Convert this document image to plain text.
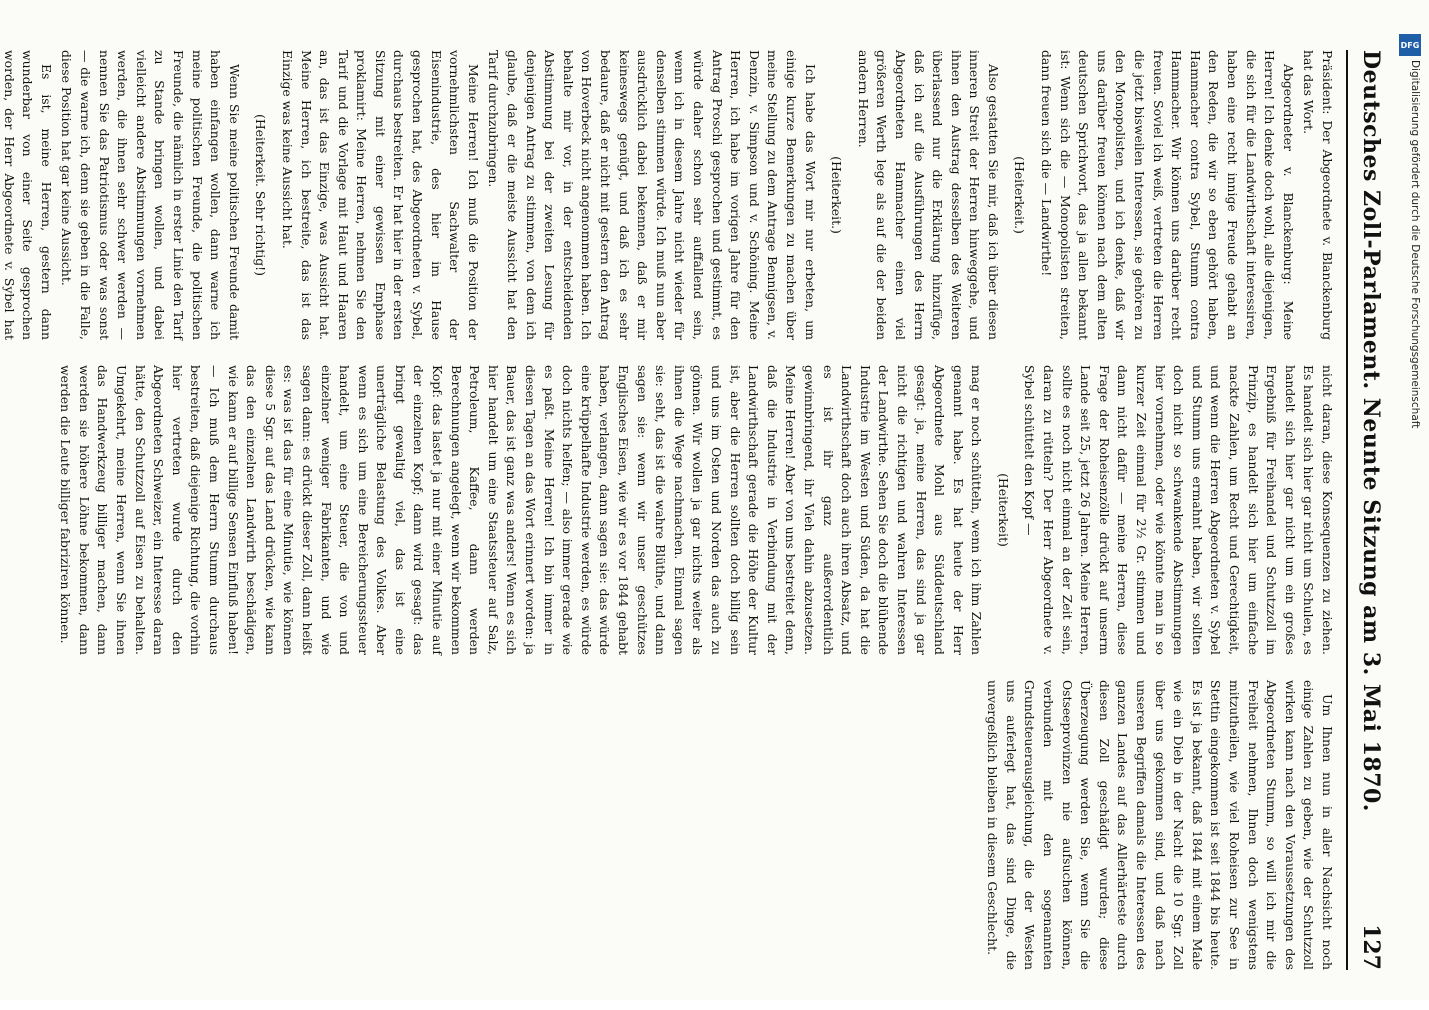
Deutsches Zoll-Parlament. Neunte Sitzung am 3. Mai 1870.
127

Präsident: Der Abgeordnete v. Blanckenburg hat das Wort.

Abgeordneter v. Blanckenburg: Meine Herren! Ich denke doch wohl, alle diejenigen, die sich für die Landwirthschaft interessiren, haben eine recht innige Freude gehabt an den Reden, die wir so eben gehört haben, Hammacher contra Sybel, Stumm contra Hammacher. Wir können uns darüber recht freuen. Soviel ich weiß, vertreten die Herren die jetzt bisweilen Interessen, sie gehören zu den Monopolisten, und ich denke, daß wir uns darüber freuen können nach dem alten deutschen Sprichwort, das ja allen bekannt ist: Wenn sich die — Monopolisten streiten, dann freuen sich die — Landwirthe!

(Heiterkeit.)

Also gestatten Sie mir, daß ich über diesen inneren Streit der Herren hinweggehe, und ihnen den Austrag desselben des Weiteren überlassend nur die Erklärung hinzufüge, daß ich auf die Ausführungen des Herrn Abgeordneten Hammacher einen viel größeren Werth lege als auf die der beiden andern Herren.

(Heiterkeit.)

Ich habe das Wort mir nur erbeten, um einige kurze Bemerkungen zu machen über meine Stellung zu dem Antrage Bennigsen, v. Denzin, v. Simpson und v. Schöning. Meine Herren, ich habe im vorigen Jahre für den Antrag Proschi gesprochen und gestimmt, es würde daher schon sehr auffallend sein, wenn ich in diesem Jahre nicht wieder für denselben stimmen würde. Ich muß nun aber ausdrücklich dabei bekennen, daß er mir keineswegs genügt, und daß ich es sehr bedaure, daß er nicht mit gestern den Antrag von Hoverbeck nicht angenommen haben. Ich behalte mir vor, in der entscheidenden Abstimmung bei der zweiten Lesung für denjenigen Antrag zu stimmen, von dem ich glaube, daß er die meiste Aussicht hat den Tarif durchzubringen.

Meine Herren! Ich muß die Position der vornehmlichsten Sachwalter der Eisenindustrie, des hier im Hause gesprochen hat, des Abgeordneten v. Sybel, durchaus bestreiten. Er hat hier in der ersten Sitzung mit einer gewissen Emphase proklamirt: Meine Herren, nehmen Sie den Tarif und die Vorlage mit Haut und Haaren an, das ist das Einzige, was Aussicht hat. Meine Herren, ich bestreite, das ist das Einzige was keine Aussicht hat.

(Heiterkeit. Sehr richtig!)

Wenn Sie meine politischen Freunde damit haben einfangen wollen, dann warne ich meine politischen Freunde, die politischen Freunde, die nämlich in erster Linie den Tarif zu Stande bringen wollen, und dabei vielleicht andere Abstimmungen vornehmen werden, die ihnen sehr schwer werden — nennen Sie das Patriotismus oder was sonst — die warne ich, denn sie geben in die Falle, diese Position hat gar keine Aussicht.

Es ist, meine Herren, gestern dann wunderbar von einer Seite gesprochen worden, der Herr Abgeordnete v. Sybel hat

nicht daran, diese Konsequenzen zu ziehen. Es handelt sich hier gar nicht um Schulen, es handelt sich hier gar nicht um ein großes Ergebniß für Freihandel und Schutzzoll im Prinzip, es handelt sich hier um einfache nackte Zahlen, um Recht und Gerechtigkeit, und wenn die Herren Abgeordneten v. Sybel und Stumm uns ermahnt haben, wir sollten doch nicht so schwankende Abstimmungen hier vornehmen, oder wie könnte man in so kurzer Zeit einmal für 2½ Gr. stimmen und dann nicht dafür — meine Herren, diese Frage der Roheisenzölle drückt auf unserm Lande seit 25, jetzt 26 Jahren. Meine Herren, sollte es noch nicht einmal an der Zeit sein, daran zu rütteln? Der Herr Abgeordnete v. Sybel schüttelt den Kopf —

(Heiterkeit)

mag er noch schütteln, wenn ich ihm Zahlen genannt habe. Es hat heute der Herr Abgeordnete Mohl aus Süddeutschland gesagt: ja, meine Herren, das sind ja gar nicht die richtigen und wahren Interessen der Landwirthe. Sehen Sie doch die blühende Industrie im Westen und Süden, da hat die Landwirthschaft doch auch ihren Absatz, und es ist ihr ganz außerordentlich gewinnbringend, ihr Vieh dahin abzusetzen. Meine Herren! Aber von uns bestreitet denn, daß die Industrie in Verbindung mit der Landwirthschaft gerade die Höhe der Kultur ist, aber die Herren sollten doch billig sein und uns im Osten und Norden das auch zu gönnen. Wir wollen ja gar nichts weiter als ihnen die Wege nachmachen. Einmal sagen sie: seht, das ist die wahre Blüthe, und dann sagen sie: wenn wir unser geschützes Englisches Eisen, wie wir es vor 1844 gehabt haben, verlangen, dann sagen sie: das würde eine krüppelhafte Industrie werden, es würde doch nichts helfen; — also immer gerade wie es paßt. Meine Herren! Ich bin immer in diesen Tagen an das Wort erinnert worden: ja Bauer, das ist ganz was anders! Wenn es sich hier handelt um eine Staatssteuer auf Salz, Petroleum, Kaffee, dann werden Berechnungen angelegt, wenn wir bekommen Kopf: das lastet ja nur mit einer Minutie auf der einzelnen Kopf; dann wird gesagt: das bringt gewaltig viel, das ist eine unerträgliche Belastung des Volkes. Aber wenn es sich um eine Bereicherungssteuer handelt, um eine Steuer, die von und einzelner weniger Fabrikanten, und wie sagen dann: es drückt dieser Zoll, dann heißt es: was ist das für eine Minutie, wie können diese 5 Sgr. auf das Land drücken, wie kann das den einzelnen Landwirth beschädigen, wie kann er auf billige Sensen Einfluß haben! — Ich muß dem Herrn Stumm durchaus bestreiten, daß diejenige Richtung, die vorhin hier vertreten wurde durch den Abgeordneten Schweizer, ein Interesse daran hätte, den Schutzzoll auf Eisen zu behalten. Umgekehrt, meine Herren, wenn Sie ihnen das Handwerkzeug billiger machen, dann werden sie höhere Löhne bekommen, dann werden die Leute billiger fabriziren können.

Um Ihnen nun in aller Nachsicht noch einige Zahlen zu geben, wie der Schutzzoll wirken kann nach den Voraussetzungen des Abgeordneten Stumm, so will ich mir die Freiheit nehmen, Ihnen doch wenigstens mitzutheilen, wie viel Roheisen zur See in Stettin eingekommen ist seit 1844 bis heute. Es ist ja bekannt, daß 1844 mit einem Male wie ein Dieb in der Nacht die 10 Sgr. Zoll über uns gekommen sind, und daß nach unseren Begriffen damals die Interessen des ganzen Landes auf das Allerhärteste durch diesen Zoll geschädigt wurden; diese Überzeugung werden Sie, wenn Sie die Ostseeprovinzen nie aufsuchen können, verbunden mit den sogenannten Grundsteuerausgleichung, die der Westen uns auferlegt hat, das sind Dinge, die unvergeßlich bleiben in diesem Geschlecht.

DFG
Digitalisierung gefördert durch die Deutsche Forschungsgemeinschaft
